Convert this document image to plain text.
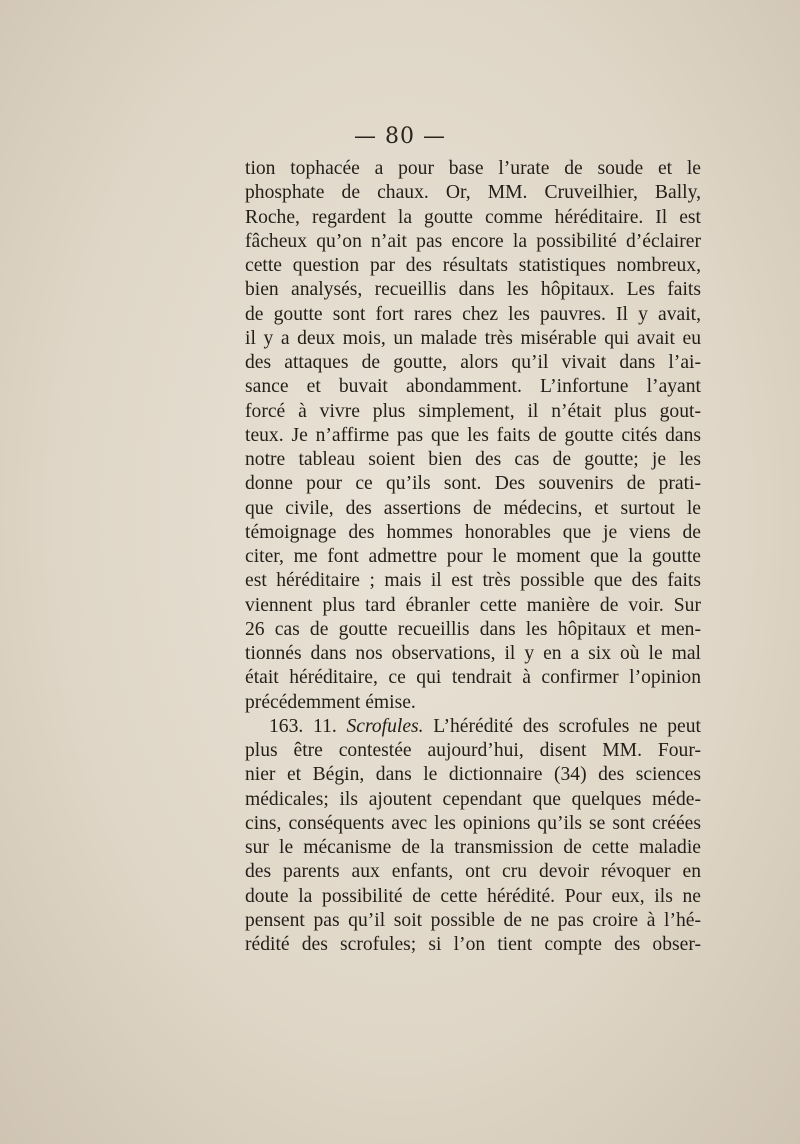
— 80 —
tion tophacée a pour base l’urate de soude et le
phosphate de chaux. Or, MM. Cruveilhier, Bally,
Roche, regardent la goutte comme héréditaire. Il est
fâcheux qu’on n’ait pas encore la possibilité d’éclairer
cette question par des résultats statistiques nombreux,
bien analysés, recueillis dans les hôpitaux. Les faits
de goutte sont fort rares chez les pauvres. Il y avait,
il y a deux mois, un malade très misérable qui avait eu
des attaques de goutte, alors qu’il vivait dans l’ai-
sance et buvait abondamment. L’infortune l’ayant
forcé à vivre plus simplement, il n’était plus gout-
teux. Je n’affirme pas que les faits de goutte cités dans
notre tableau soient bien des cas de goutte; je les
donne pour ce qu’ils sont. Des souvenirs de prati-
que civile, des assertions de médecins, et surtout le
témoignage des hommes honorables que je viens de
citer, me font admettre pour le moment que la goutte
est héréditaire ; mais il est très possible que des faits
viennent plus tard ébranler cette manière de voir. Sur
26 cas de goutte recueillis dans les hôpitaux et men-
tionnés dans nos observations, il y en a six où le mal
était héréditaire, ce qui tendrait à confirmer l’opinion
précédemment émise.
163. 11. Scrofules. L’hérédité des scrofules ne peut
plus être contestée aujourd’hui, disent MM. Four-
nier et Bégin, dans le dictionnaire (34) des sciences
médicales; ils ajoutent cependant que quelques méde-
cins, conséquents avec les opinions qu’ils se sont créées
sur le mécanisme de la transmission de cette maladie
des parents aux enfants, ont cru devoir révoquer en
doute la possibilité de cette hérédité. Pour eux, ils ne
pensent pas qu’il soit possible de ne pas croire à l’hé-
rédité des scrofules; si l’on tient compte des obser-
